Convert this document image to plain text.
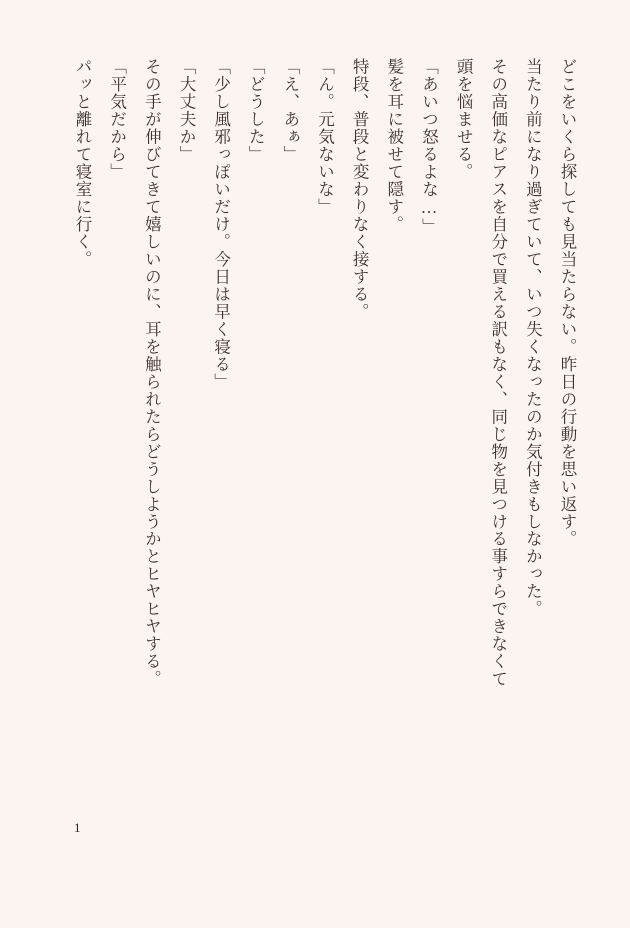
どこをいくら探しても見当たらない。昨日の行動を思い返す。

当たり前になり過ぎていて、いつ失くなったのか気付きもしなかった。

その高価なピアスを自分で買える訳もなく、同じ物を見つける事すらできなくて

頭を悩ませる。

「あいつ怒るよな…」

髪を耳に被せて隠す。

特段、普段と変わりなく接する。

「ん。元気ないな」

「え、あぁ」

「どうした」

「少し風邪っぽいだけ。今日は早く寝る」

「大丈夫か」

その手が伸びてきて嬉しいのに、耳を触られたらどうしようかとヒヤヒヤする。

「平気だから」

パッと離れて寝室に行く。

1
